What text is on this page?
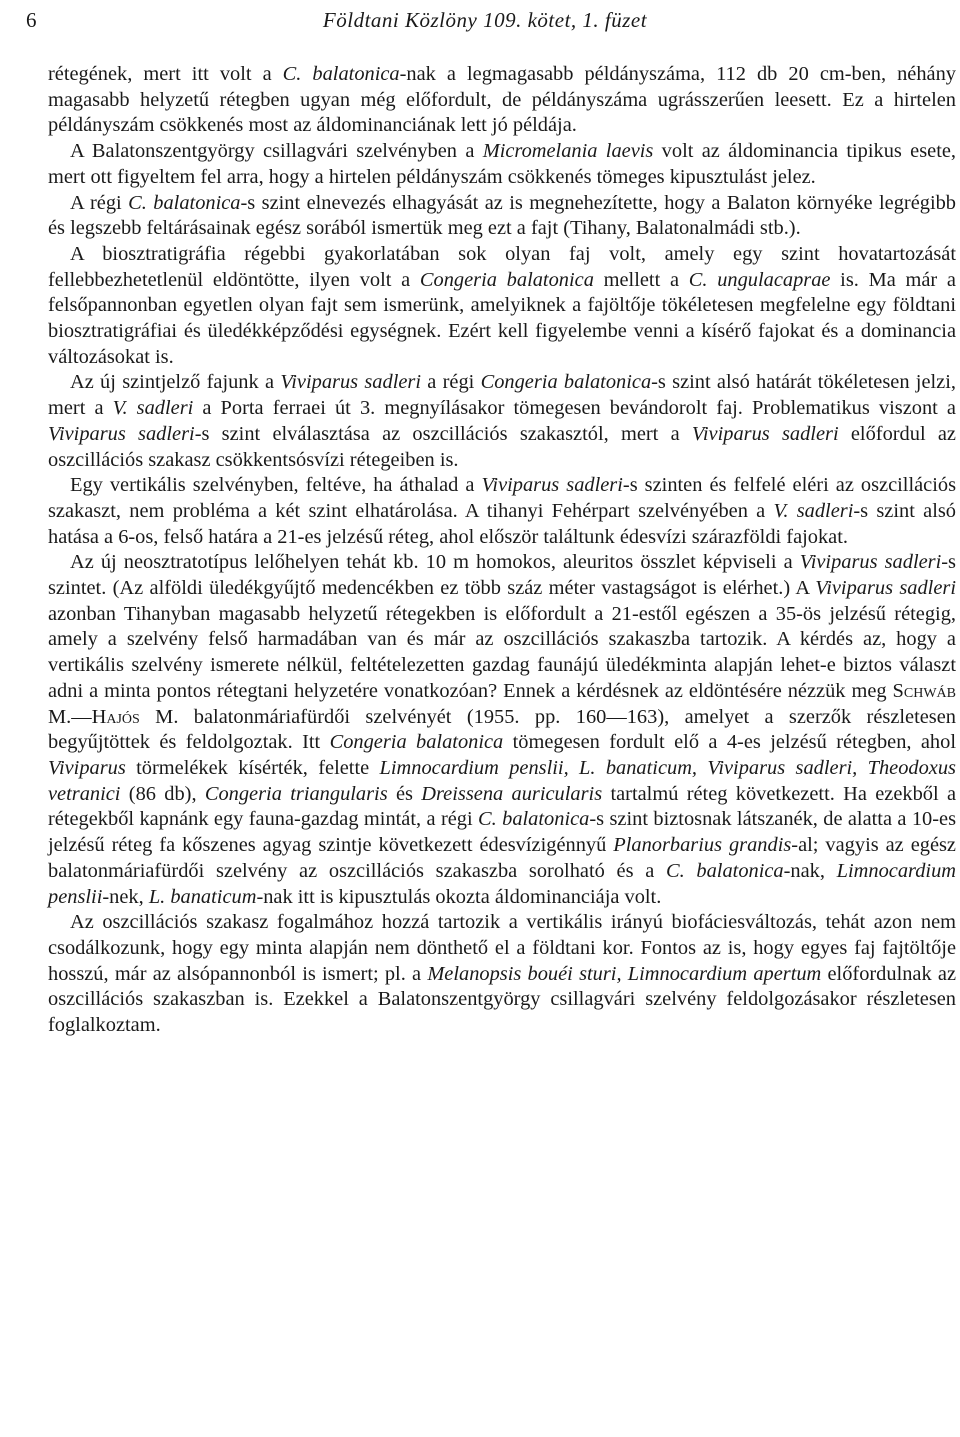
6	Földtani Közlöny 109. kötet, 1. füzet

rétegének, mert itt volt a C. balatonica-nak a legmagasabb példányszáma, 112 db 20 cm-ben, néhány magasabb helyzetű rétegben ugyan még előfordult, de példányszáma ugrásszerűen leesett. Ez a hirtelen példányszám csökkenés most az áldominanciának lett jó példája.

A Balatonszentgyörgy csillagvári szelvényben a Micromelania laevis volt az áldominancia tipikus esete, mert ott figyeltem fel arra, hogy a hirtelen példányszám csökkenés tömeges kipusztulást jelez.

A régi C. balatonica-s szint elnevezés elhagyását az is megnehezítette, hogy a Balaton környéke legrégibb és legszebb feltárásainak egész sorából ismertük meg ezt a fajt (Tihany, Balatonalmádi stb.).

A biosztratigráfia régebbi gyakorlatában sok olyan faj volt, amely egy szint hovatartozását fellebbezhetetlenül eldöntötte, ilyen volt a Congeria balatonica mellett a C. ungulacaprae is. Ma már a felsőpannonban egyetlen olyan fajt sem ismerünk, amelyiknek a fajöltője tökéletesen megfelelne egy földtani biosztratigráfiai és üledékképződési egységnek. Ezért kell figyelembe venni a kísérő fajokat és a dominancia változásokat is.

Az új szintjelző fajunk a Viviparus sadleri a régi Congeria balatonica-s szint alsó határát tökéletesen jelzi, mert a V. sadleri a Porta ferraei út 3. megnyílásakor tömegesen bevándorolt faj. Problematikus viszont a Viviparus sadleri-s szint elválasztása az oszcillációs szakasztól, mert a Viviparus sadleri előfordul az oszcillációs szakasz csökkentsósvízi rétegeiben is.

Egy vertikális szelvényben, feltéve, ha áthalad a Viviparus sadleri-s szinten és felfelé eléri az oszcillációs szakaszt, nem probléma a két szint elhatárolása. A tihanyi Fehérpart szelvényében a V. sadleri-s szint alsó hatása a 6-os, felső határa a 21-es jelzésű réteg, ahol először találtunk édesvízi szárazföldi fajokat.

Az új neosztratotípus lelőhelyen tehát kb. 10 m homokos, aleuritos összlet képviseli a Viviparus sadleri-s szintet. (Az alföldi üledékgyűjtő medencékben ez több száz méter vastagságot is elérhet.) A Viviparus sadleri azonban Tihanyban magasabb helyzetű rétegekben is előfordult a 21-estől egészen a 35-ös jelzésű rétegig, amely a szelvény felső harmadában van és már az oszcillációs szakaszba tartozik. A kérdés az, hogy a vertikális szelvény ismerete nélkül, feltételezetten gazdag faunájú üledékminta alapján lehet-e biztos választ adni a minta pontos rétegtani helyzetére vonatkozóan? Ennek a kérdésnek az eldöntésére nézzük meg Schwáb M.—Hajós M. balatonmáriafürdői szelvényét (1955. pp. 160—163), amelyet a szerzők részletesen begyűjtöttek és feldolgoztak. Itt Congeria balatonica tömegesen fordult elő a 4-es jelzésű rétegben, ahol Viviparus törmelékek kísérték, felette Limnocardium penslii, L. banaticum, Viviparus sadleri, Theodoxus vetranici (86 db), Congeria triangularis és Dreissena auricularis tartalmú réteg következett. Ha ezekből a rétegekből kapnánk egy fauna-gazdag mintát, a régi C. balatonica-s szint biztosnak látszanék, de alatta a 10-es jelzésű réteg fa kőszenes agyag szintje következett édesvízigénnyű Planorbarius grandis-al; vagyis az egész balatonmáriafürdői szelvény az oszcillációs szakaszba sorolható és a C. balatonica-nak, Limnocardium penslii-nek, L. banaticum-nak itt is kipusztulás okozta áldominanciája volt.

Az oszcillációs szakasz fogalmához hozzá tartozik a vertikális irányú biofáciesváltozás, tehát azon nem csodálkozunk, hogy egy minta alapján nem dönthető el a földtani kor. Fontos az is, hogy egyes faj fajtöltője hosszú, már az alsópannonból is ismert; pl. a Melanopsis bouéi sturi, Limnocardium apertum előfordulnak az oszcillációs szakaszban is. Ezekkel a Balatonszentgyörgy csillagvári szelvény feldolgozásakor részletesen foglalkoztam.
